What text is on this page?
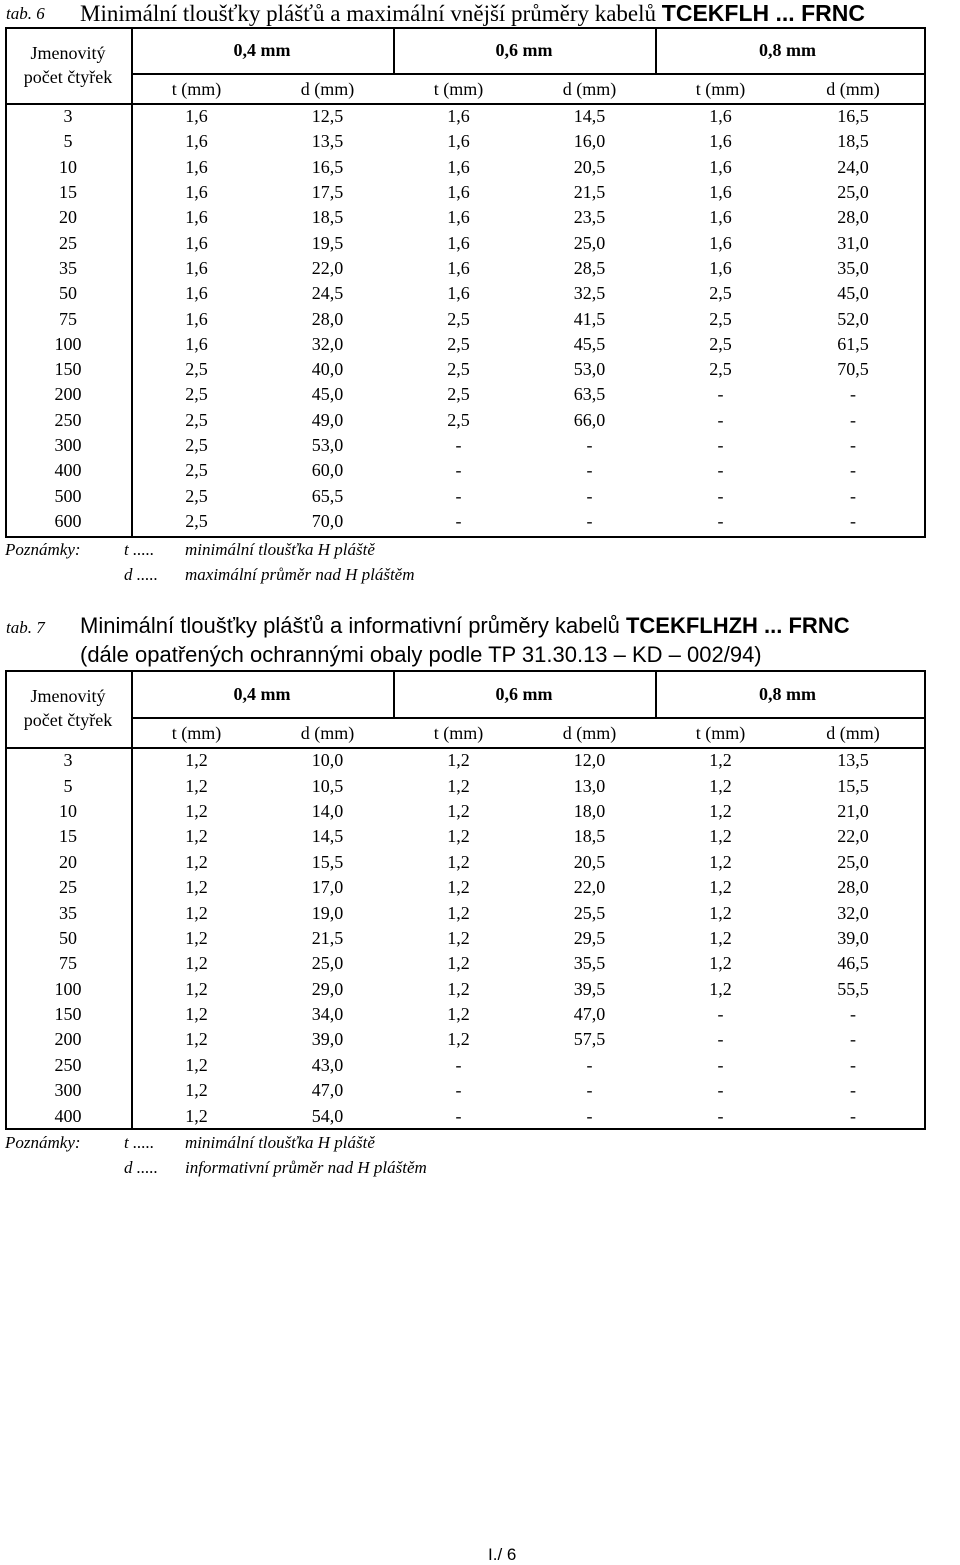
tab. 6 Minimální tloušťky plášťů a maximální vnější průměry kabelů TCEKFLH ... FRNC
Jmenovitý počet čtyřek	0,4 mm		0,6 mm		0,8 mm	
	t (mm)	d (mm)	t (mm)	d (mm)	t (mm)	d (mm)
3	1,6	12,5	1,6	14,5	1,6	16,5
5	1,6	13,5	1,6	16,0	1,6	18,5
10	1,6	16,5	1,6	20,5	1,6	24,0
15	1,6	17,5	1,6	21,5	1,6	25,0
20	1,6	18,5	1,6	23,5	1,6	28,0
25	1,6	19,5	1,6	25,0	1,6	31,0
35	1,6	22,0	1,6	28,5	1,6	35,0
50	1,6	24,5	1,6	32,5	2,5	45,0
75	1,6	28,0	2,5	41,5	2,5	52,0
100	1,6	32,0	2,5	45,5	2,5	61,5
150	2,5	40,0	2,5	53,0	2,5	70,5
200	2,5	45,0	2,5	63,5	-	-
250	2,5	49,0	2,5	66,0	-	-
300	2,5	53,0	-	-	-	-
400	2,5	60,0	-	-	-	-
500	2,5	65,5	-	-	-	-
600	2,5	70,0	-	-	-	-
Poznámky:	t ..... minimální tloušťka H pláště
d ..... maximální průměr nad H pláštěm
tab. 7 Minimální tloušťky plášťů a informativní průměry kabelů TCEKFLHZH ... FRNC
(dále opatřených ochrannými obaly podle TP 31.30.13 – KD – 002/94)
Jmenovitý počet čtyřek	0,4 mm		0,6 mm		0,8 mm	
	t (mm)	d (mm)	t (mm)	d (mm)	t (mm)	d (mm)
3	1,2	10,0	1,2	12,0	1,2	13,5
5	1,2	10,5	1,2	13,0	1,2	15,5
10	1,2	14,0	1,2	18,0	1,2	21,0
15	1,2	14,5	1,2	18,5	1,2	22,0
20	1,2	15,5	1,2	20,5	1,2	25,0
25	1,2	17,0	1,2	22,0	1,2	28,0
35	1,2	19,0	1,2	25,5	1,2	32,0
50	1,2	21,5	1,2	29,5	1,2	39,0
75	1,2	25,0	1,2	35,5	1,2	46,5
100	1,2	29,0	1,2	39,5	1,2	55,5
150	1,2	34,0	1,2	47,0	-	-
200	1,2	39,0	1,2	57,5	-	-
250	1,2	43,0	-	-	-	-
300	1,2	47,0	-	-	-	-
400	1,2	54,0	-	-	-	-
Poznámky:	t ..... minimální tloušťka H pláště
d ..... informativní průměr nad H pláštěm
I./ 6
